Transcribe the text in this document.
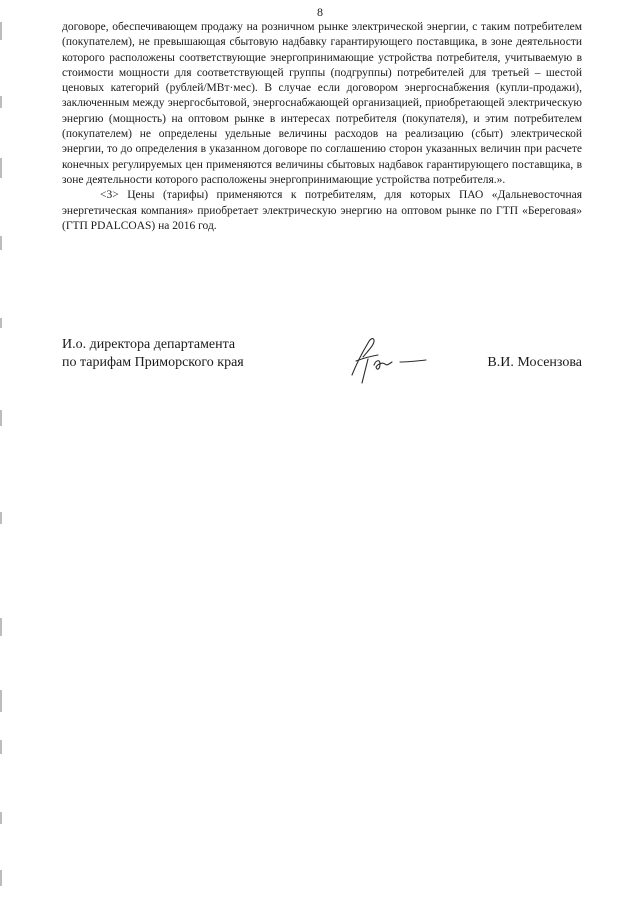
8

договоре, обеспечивающем продажу на розничном рынке электрической энергии, с таким потребителем (покупателем), не превышающая сбытовую надбавку гарантирующего поставщика, в зоне деятельности которого расположены соответствующие энергопринимающие устройства потребителя, учитываемую в стоимости мощности для соответствующей группы (подгруппы) потребителей для третьей – шестой ценовых категорий (рублей/МВт·мес). В случае если договором энергоснабжения (купли-продажи), заключенным между энергосбытовой, энергоснабжающей организацией, приобретающей электрическую энергию (мощность) на оптовом рынке в интересах потребителя (покупателя), и этим потребителем (покупателем) не определены удельные величины расходов на реализацию (сбыт) электрической энергии, то до определения в указанном договоре по соглашению сторон указанных величин при расчете конечных регулируемых цен применяются величины сбытовых надбавок гарантирующего поставщика, в зоне деятельности которого расположены энергопринимающие устройства потребителя.».

<3> Цены (тарифы) применяются к потребителям, для которых ПАО «Дальневосточная энергетическая компания» приобретает электрическую энергию на оптовом рынке по ГТП «Береговая» (ГТП PDALCOAS) на 2016 год.

И.о. директора департамента
по тарифам Приморского края	В.И. Мосензова
